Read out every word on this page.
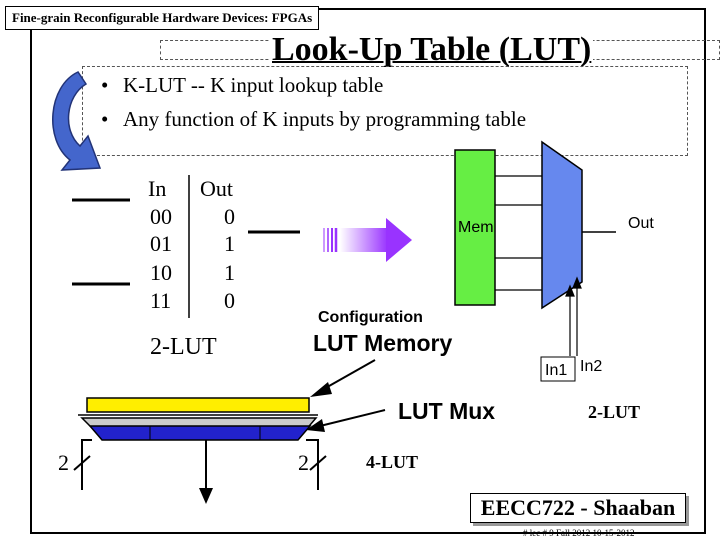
Fine-grain Reconfigurable Hardware Devices: FPGAs
Look-Up Table (LUT)
• K-LUT -- K input lookup table
• Any function of K inputs by programming table
In Out
00 0
01 1
10 1
11 0
2-LUT
Mem	Out
Configuration
LUT Memory
In1 In2
LUT Mux	2-LUT
4-LUT
2	2
EECC722 - Shaaban
# lec # 9 Fall 2012 10-15-2012
